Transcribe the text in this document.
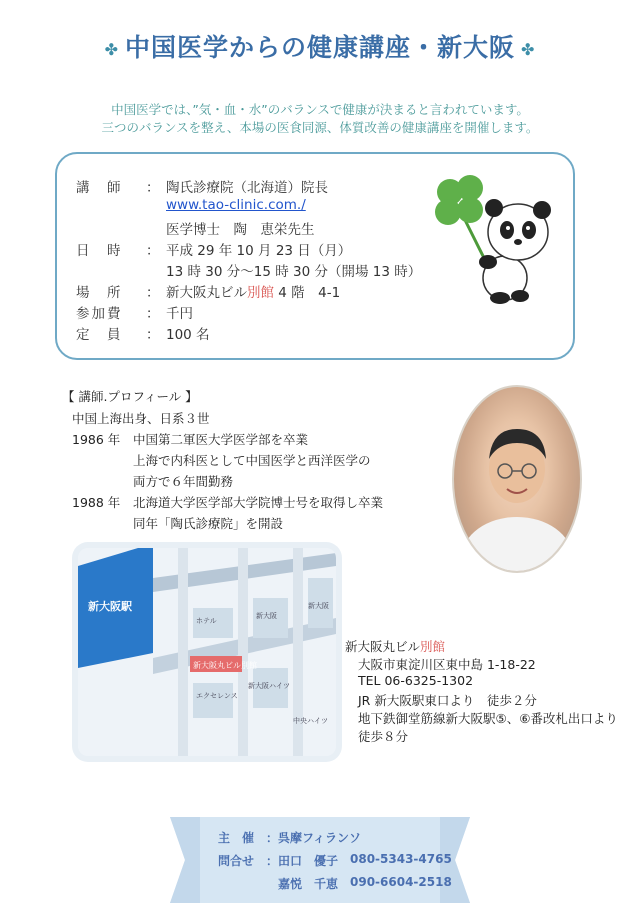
✤ 中国医学からの健康講座・新大阪 ✤
中国医学では、”気・血・水”のバランスで健康が決まると言われています。
三つのバランスを整え、本場の医食同源、体質改善の健康講座を開催します。
講　師 ： 陶氏診療院（北海道）院長
www.tao-clinic.com./
医学博士　陶　恵栄先生
日　時 ： 平成 29 年 10 月 23 日（月）
13 時 30 分～15 時 30 分（開場 13 時）
場　所 ： 新大阪丸ビル別館 4 階　4-1
参加費 ： 千円
定　員 ： 100 名
【 講師.プロフィール 】
中国上海出身、日系３世
1986 年 中国第二軍医大学医学部を卒業
上海で内科医として中国医学と西洋医学の
両方で６年間勤務
1988 年 北海道大学医学部大学院博士号を取得し卒業
同年「陶氏診療院」を開設
新大阪丸ビル別館
新大阪駅
新大阪
ホテル
新大阪ハイツ
エクセレンス
新大阪
中央ハイツ
新大阪丸ビル別館
大阪市東淀川区東中島 1-18-22
TEL 06-6325-1302
JR 新大阪駅東口より　徒歩２分
地下鉄御堂筋線新大阪駅⑤、⑥番改札出口より
徒歩８分
主　催 ： 呉摩フィランソ
問合せ ： 田口　優子 080-5343-4765
嘉悦　千恵 090-6604-2518
